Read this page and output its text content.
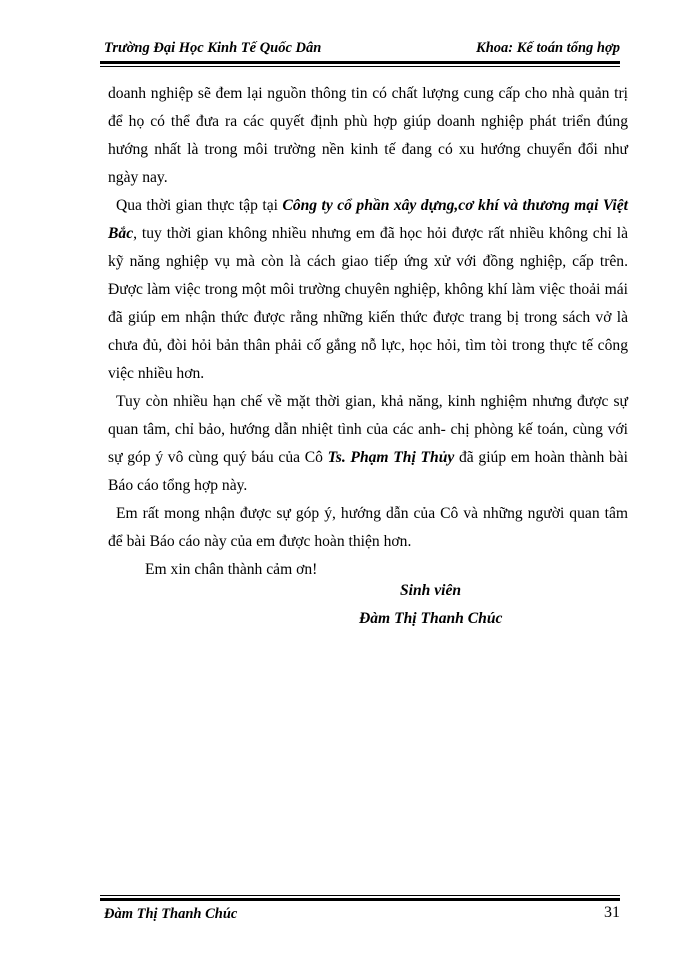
Trường Đại Học Kinh Tế Quốc Dân	Khoa: Kế toán tổng hợp

doanh nghiệp sẽ đem lại nguồn thông tin có chất lượng cung cấp cho nhà quản trị để họ có thể đưa ra các quyết định phù hợp giúp doanh nghiệp phát triển đúng hướng nhất là trong môi trường nền kinh tế đang có xu hướng chuyển đổi như ngày nay.

Qua thời gian thực tập tại Công ty cổ phần xây dựng,cơ khí và thương mại Việt Bắc, tuy thời gian không nhiều nhưng em đã học hỏi được rất nhiều không chỉ là kỹ năng nghiệp vụ mà còn là cách giao tiếp ứng xử với đồng nghiệp, cấp trên. Được làm việc trong một môi trường chuyên nghiệp, không khí làm việc thoải mái đã giúp em nhận thức được rằng những kiến thức được trang bị trong sách vở là chưa đủ, đòi hỏi bản thân phải cố gắng nỗ lực, học hỏi, tìm tòi trong thực tế công việc nhiều hơn.

Tuy còn nhiều hạn chế về mặt thời gian, khả năng, kinh nghiệm nhưng được sự quan tâm, chỉ bảo, hướng dẫn nhiệt tình của các anh- chị phòng kế toán, cùng với sự góp ý vô cùng quý báu của Cô Ts. Phạm Thị Thủy đã giúp em hoàn thành bài Báo cáo tổng hợp này.

Em rất mong nhận được sự góp ý, hướng dẫn của Cô và những người quan tâm để bài Báo cáo này của em được hoàn thiện hơn.

Em xin chân thành cảm ơn!

Sinh viên
Đàm Thị Thanh Chúc
Đàm Thị Thanh Chúc	31
